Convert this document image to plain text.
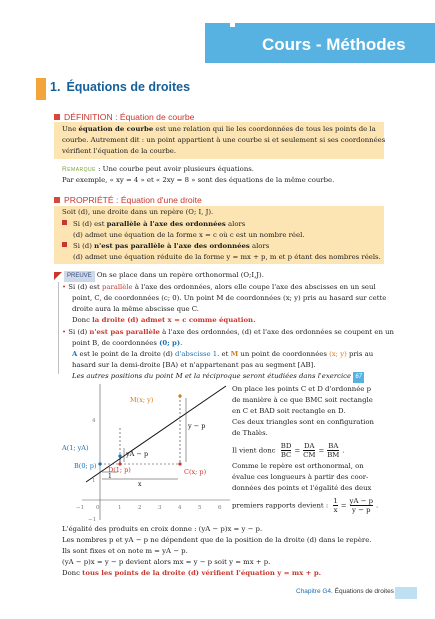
Cours - Méthodes
1. Équations de droites
DÉFINITION : Équation de courbe
Une équation de courbe est une relation qui lie les coordonnées de tous les points de la
courbe. Autrement dit : un point appartient à une courbe si et seulement si ses coordonnées
vérifient l'équation de la courbe.
Remarque : Une courbe peut avoir plusieurs équations.
Par exemple, « xy = 4 » et « 2xy = 8 » sont des équations de la même courbe.
PROPRIÉTÉ : Équation d'une droite
Soit (d), une droite dans un repère (O; I, J).
Si (d) est parallèle à l'axe des ordonnées alors
(d) admet une équation de la forme x = c où c est un nombre réel.
Si (d) n'est pas parallèle à l'axe des ordonnées alors
(d) admet une équation réduite de la forme y = mx + p, m et p étant des nombres réels.
PREUVE On se place dans un repère orthonormal (O;I,J).
• Si (d) est parallèle à l'axe des ordonnées, alors elle coupe l'axe des abscisses en un seul
point, C, de coordonnées (c; 0). Un point M de coordonnées (x; y) pris au hasard sur cette
droite aura la même abscisse que C.
Donc la droite (d) admet x = c comme équation.
• Si (d) n'est pas parallèle à l'axe des ordonnées, (d) et l'axe des ordonnées se coupent en un
point B, de coordonnées (0; p).
A est le point de la droite (d) d'abscisse 1. et M un point de coordonnées (x; y) pris au
hasard sur la demi-droite [BA) et n'appartenant pas au segment [AB].
Les autres positions du point M et la réciproque seront étudiées dans l'exercice 67
M(x; y)
A(1; yA)
B(0; p) D(1; p)	C(x; p)
y − p
yA − p
1
x
−1 0	1	2	3	4	5	6
4
1
−1
On place les points C et D d'ordonnée p
de manière à ce que BMC soit rectangle
en C et BAD soit rectangle en D.
Ces deux triangles sont en configuration
de Thalès.
Il vient donc $\frac{BD}{BC} = \frac{DA}{CM} = \frac{BA}{BM}$ .
Comme le repère est orthonormal, on
évalue ces longueurs à partir des coor-
données des points et l'égalité des deux
premiers rapports devient : $\frac{1}{x} = \frac{yA - p}{y - p}$ .
L'égalité des produits en croix donne : (yA − p)x = y − p.
Les nombres p et yA − p ne dépendent que de la position de la droite (d) dans le repère.
Ils sont fixes et on note m = yA − p.
(yA − p)x = y − p devient alors mx = y − p soit y = mx + p.
Donc tous les points de la droite (d) vérifient l'équation y = mx + p.
Chapitre G4. Équations de droites
